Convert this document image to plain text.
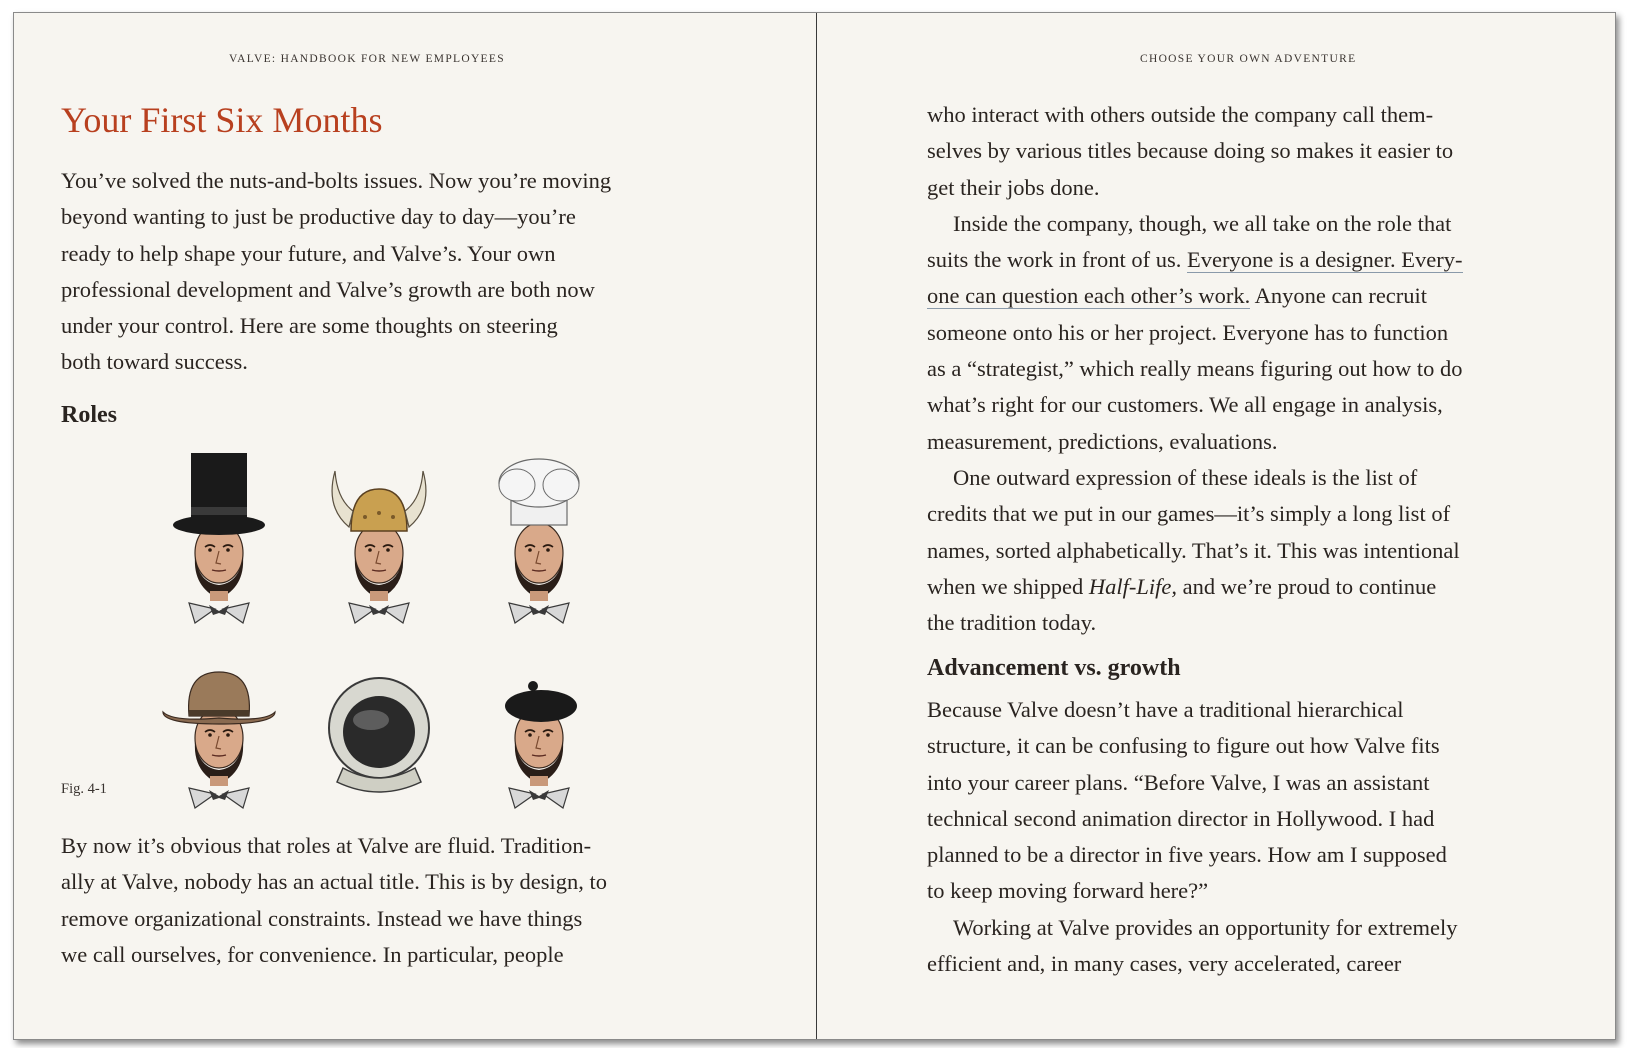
VALVE: HANDBOOK FOR NEW EMPLOYEES
Your First Six Months
You’ve solved the nuts-and-bolts issues. Now you’re moving
beyond wanting to just be productive day to day—you’re
ready to help shape your future, and Valve’s. Your own
professional development and Valve’s growth are both now
under your control. Here are some thoughts on steering
both toward success.
Roles
Fig. 4-1
By now it’s obvious that roles at Valve are fluid. Tradition-
ally at Valve, nobody has an actual title. This is by design, to
remove organizational constraints. Instead we have things
we call ourselves, for convenience. In particular, people
CHOOSE YOUR OWN ADVENTURE
who interact with others outside the company call them-
selves by various titles because doing so makes it easier to
get their jobs done.
Inside the company, though, we all take on the role that
suits the work in front of us. Everyone is a designer. Every-
one can question each other’s work. Anyone can recruit
someone onto his or her project. Everyone has to function
as a “strategist,” which really means figuring out how to do
what’s right for our customers. We all engage in analysis,
measurement, predictions, evaluations.
One outward expression of these ideals is the list of
credits that we put in our games—it’s simply a long list of
names, sorted alphabetically. That’s it. This was intentional
when we shipped Half-Life, and we’re proud to continue
the tradition today.
Advancement vs. growth
Because Valve doesn’t have a traditional hierarchical
structure, it can be confusing to figure out how Valve fits
into your career plans. “Before Valve, I was an assistant
technical second animation director in Hollywood. I had
planned to be a director in five years. How am I supposed
to keep moving forward here?”
Working at Valve provides an opportunity for extremely
efficient and, in many cases, very accelerated, career
